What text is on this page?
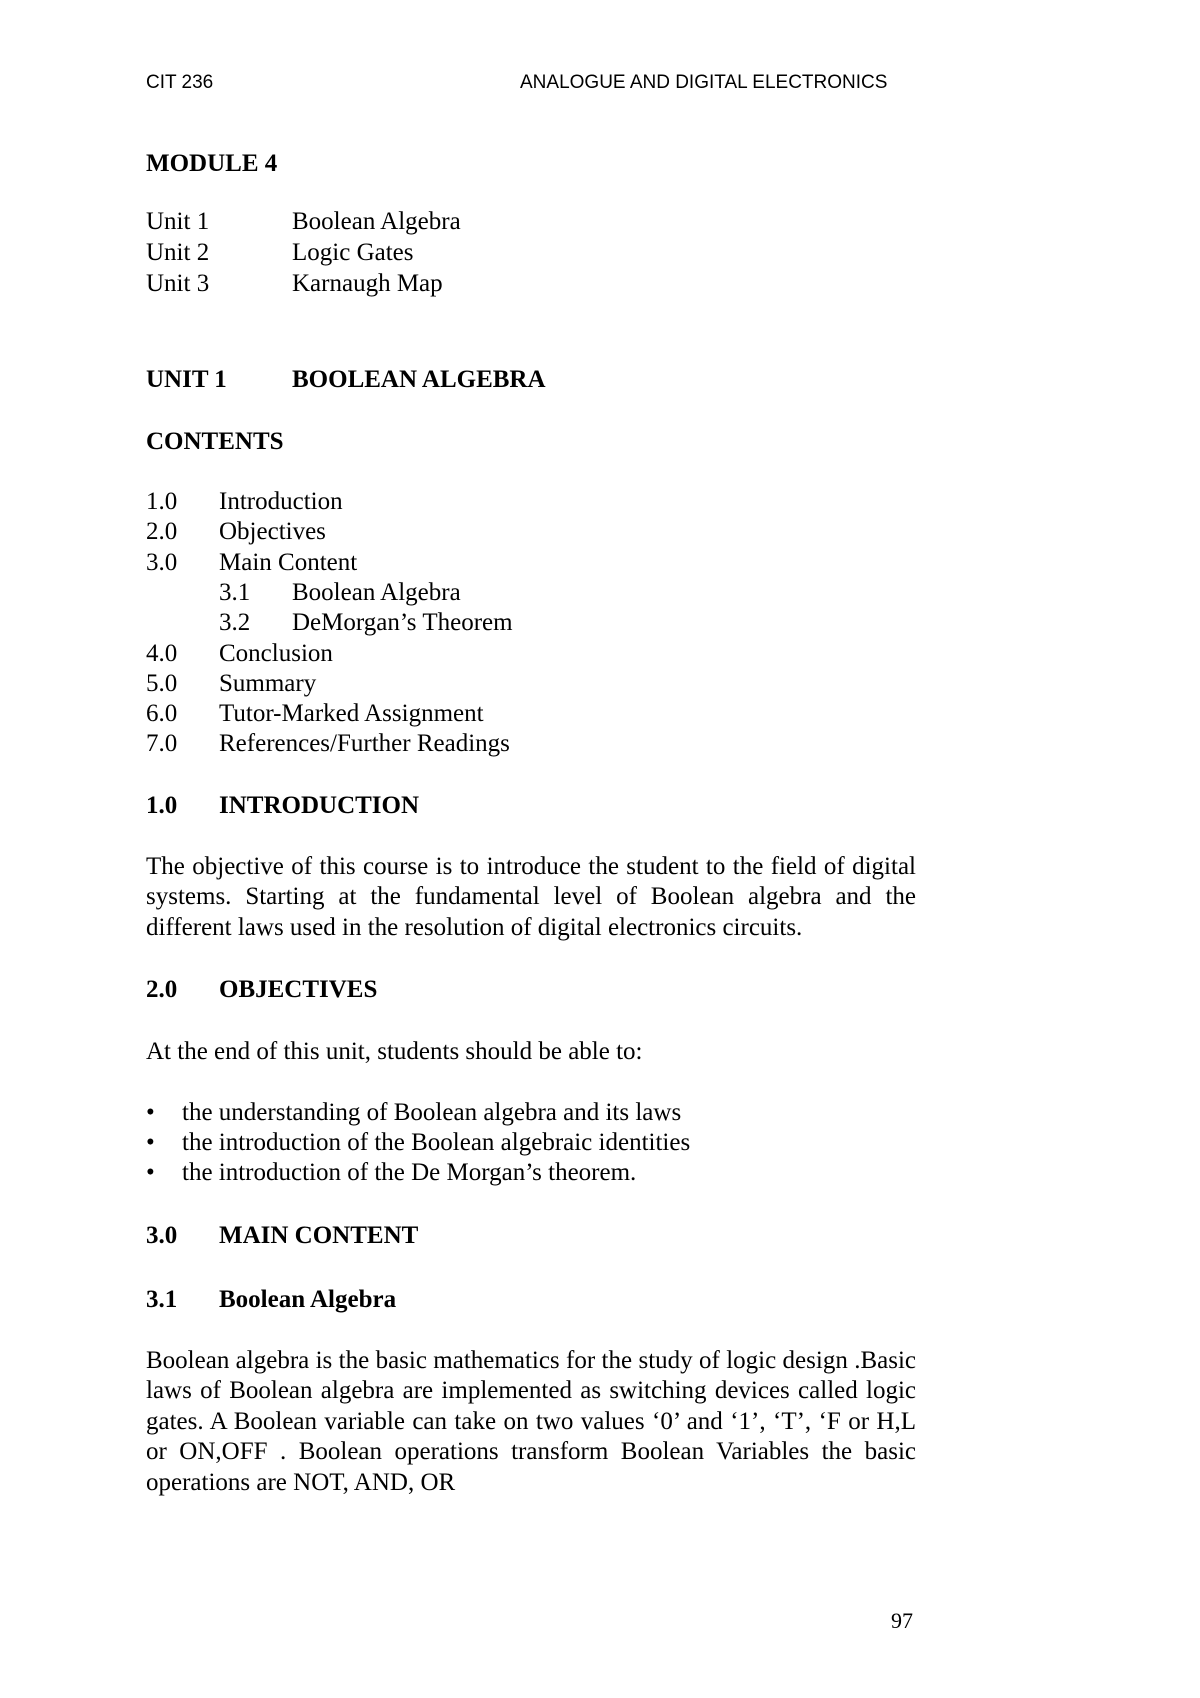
CIT 236	ANALOGUE AND DIGITAL ELECTRONICS
MODULE 4
Unit 1	Boolean Algebra
Unit 2	Logic Gates
Unit 3	Karnaugh Map
UNIT 1	BOOLEAN ALGEBRA
CONTENTS
1.0 Introduction
2.0 Objectives
3.0 Main Content
3.1 Boolean Algebra
3.2 DeMorgan’s Theorem
4.0 Conclusion
5.0 Summary
6.0 Tutor-Marked Assignment
7.0 References/Further Readings
1.0 INTRODUCTION
The objective of this course is to introduce the student to the field of digital systems. Starting at the fundamental level of Boolean algebra and the different laws used in the resolution of digital electronics circuits.
2.0 OBJECTIVES
At the end of this unit, students should be able to:
• the understanding of Boolean algebra and its laws
• the introduction of the Boolean algebraic identities
• the introduction of the De Morgan’s theorem.
3.0 MAIN CONTENT
3.1 Boolean Algebra
Boolean algebra is the basic mathematics for the study of logic design .Basic laws of Boolean algebra are implemented as switching devices called logic gates. A Boolean variable can take on two values ‘0’ and ‘1’, ‘T’, ‘F or H,L or ON,OFF . Boolean operations transform Boolean Variables the basic operations are NOT, AND, OR
97
